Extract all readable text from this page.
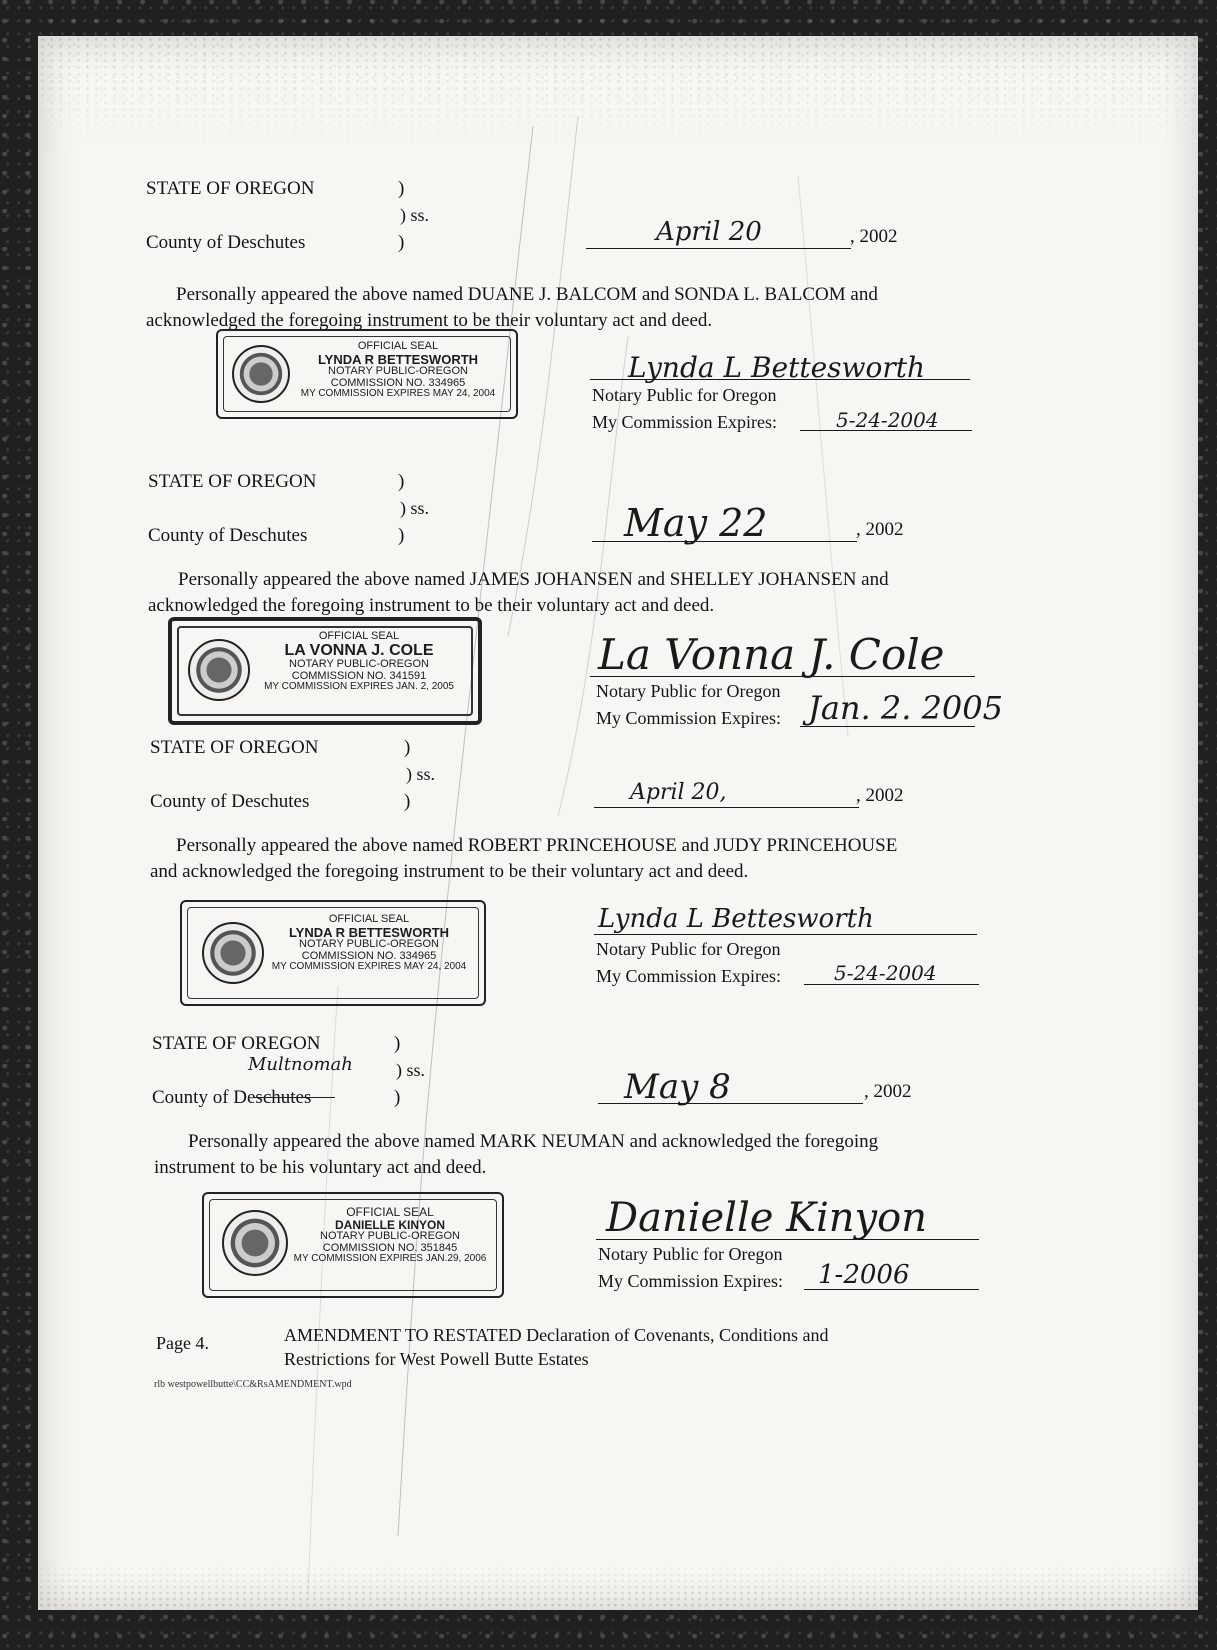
STATE OF OREGON	)
) ss.
County of Deschutes	)	April 20	, 2002
Personally appeared the above named DUANE J. BALCOM and SONDA L. BALCOM and
acknowledged the foregoing instrument to be their voluntary act and deed.
OFFICIAL SEAL
LYNDA R BETTESWORTH
NOTARY PUBLIC-OREGON
COMMISSION NO. 334965
MY COMMISSION EXPIRES MAY 24, 2004
Lynda L Bettesworth
Notary Public for Oregon
My Commission Expires:	5-24-2004
STATE OF OREGON	)
) ss.
County of Deschutes	)	May 22	, 2002
Personally appeared the above named JAMES JOHANSEN and SHELLEY JOHANSEN and
acknowledged the foregoing instrument to be their voluntary act and deed.
OFFICIAL SEAL
LA VONNA J. COLE
NOTARY PUBLIC-OREGON
COMMISSION NO. 341591
MY COMMISSION EXPIRES JAN. 2, 2005
La Vonna J. Cole
Notary Public for Oregon
My Commission Expires: Jan. 2. 2005
STATE OF OREGON	)
) ss.
County of Deschutes	)	April 20,	, 2002
Personally appeared the above named ROBERT PRINCEHOUSE and JUDY PRINCEHOUSE
and acknowledged the foregoing instrument to be their voluntary act and deed.
OFFICIAL SEAL
LYNDA R BETTESWORTH
NOTARY PUBLIC-OREGON
COMMISSION NO. 334965
MY COMMISSION EXPIRES MAY 24, 2004
Lynda L Bettesworth
Notary Public for Oregon
My Commission Expires:	5-24-2004
STATE OF OREGON	)
Multnomah ) ss.
County of Deschutes	)	May 8	, 2002
Personally appeared the above named MARK NEUMAN and acknowledged the foregoing
instrument to be his voluntary act and deed.
OFFICIAL SEAL
DANIELLE KINYON
NOTARY PUBLIC-OREGON
COMMISSION NO. 351845
MY COMMISSION EXPIRES JAN.29, 2006
Danielle Kinyon
Notary Public for Oregon
My Commission Expires: 1-2006
Page 4.	AMENDMENT TO RESTATED Declaration of Covenants, Conditions and
Restrictions for West Powell Butte Estates
rlb westpowellbutte\CC&RsAMENDMENT.wpd
